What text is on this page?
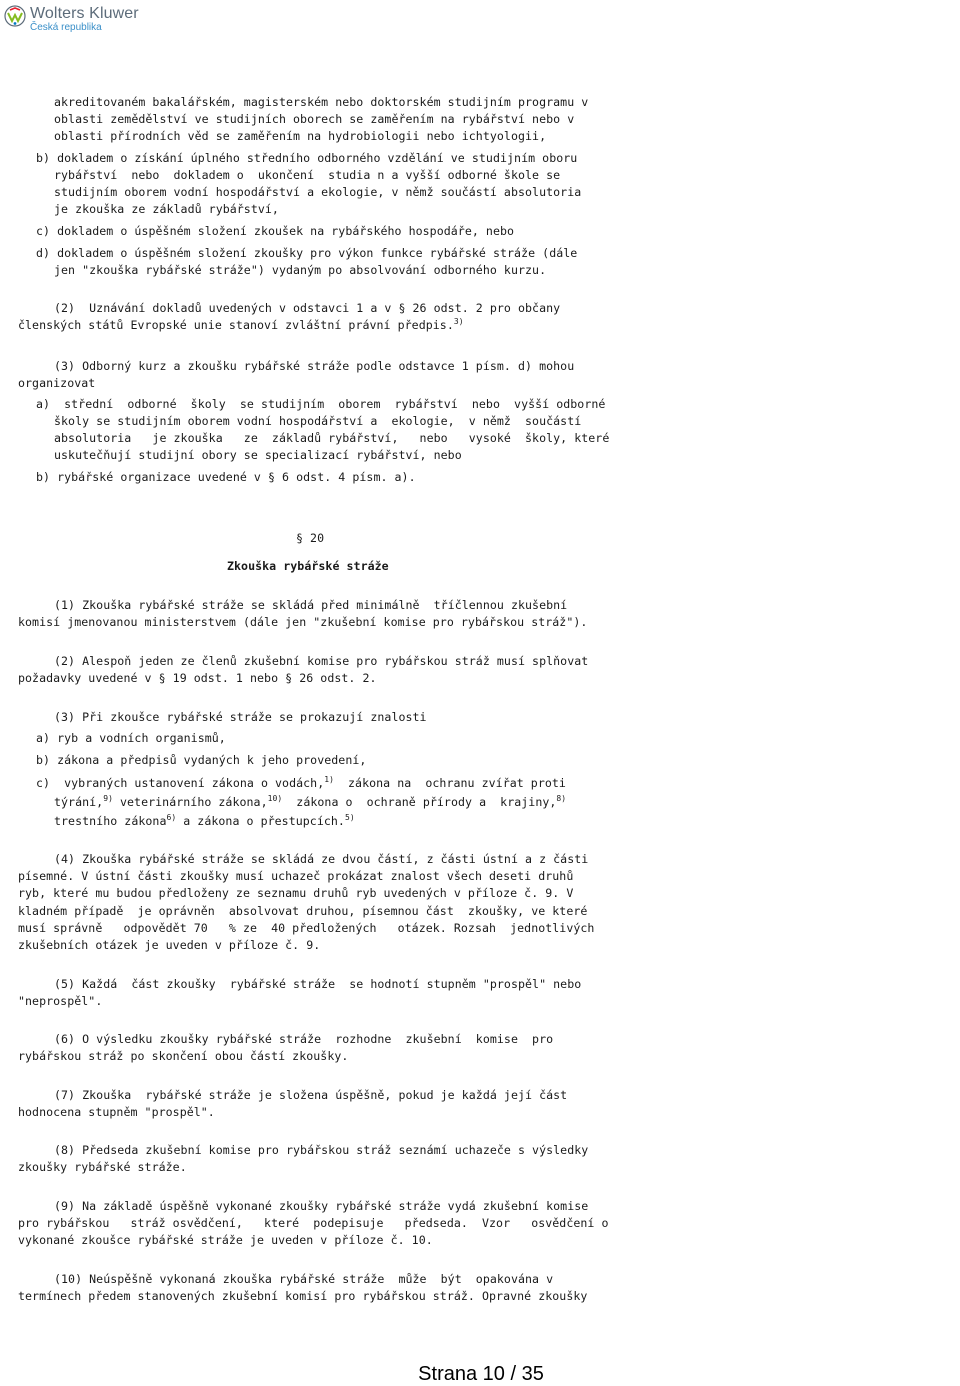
Wolters Kluwer
Česká republika
akreditovaném bakalářském, magisterském nebo doktorském studijním programu v
oblasti zemědělství ve studijních oborech se zaměřením na rybářství nebo v
oblasti přírodních věd se zaměřením na hydrobiologii nebo ichtyologii,
b) dokladem o získání úplného středního odborného vzdělání ve studijním oboru
rybářství  nebo  dokladem o  ukončení  studia n a vyšší odborné škole se
studijním oborem vodní hospodářství a ekologie, v němž součástí absolutoria
je zkouška ze základů rybářství,
c) dokladem o úspěšném složení zkoušek na rybářského hospodáře, nebo
d) dokladem o úspěšném složení zkoušky pro výkon funkce rybářské stráže (dále
jen "zkouška rybářské stráže") vydaným po absolvování odborného kurzu.
(2)  Uznávání dokladů uvedených v odstavci 1 a v § 26 odst. 2 pro občany
členských států Evropské unie stanoví zvláštní právní předpis.$^{3)}$
(3) Odborný kurz a zkoušku rybářské stráže podle odstavce 1 písm. d) mohou
organizovat
a)  střední  odborné  školy  se studijním  oborem  rybářství  nebo  vyšší odborné
školy se studijním oborem vodní hospodářství a  ekologie,  v němž  součástí
absolutoria   je zkouška   ze  základů rybářství,   nebo   vysoké  školy, které
uskutečňují studijní obory se specializací rybářství, nebo
b) rybářské organizace uvedené v § 6 odst. 4 písm. a).
§ 20
Zkouška rybářské stráže
(1) Zkouška rybářské stráže se skládá před minimálně  tříčlennou zkušební
komisí jmenovanou ministerstvem (dále jen "zkušební komise pro rybářskou stráž").
(2) Alespoň jeden ze členů zkušební komise pro rybářskou stráž musí splňovat
požadavky uvedené v § 19 odst. 1 nebo § 26 odst. 2.
(3) Při zkoušce rybářské stráže se prokazují znalosti
a) ryb a vodních organismů,
b) zákona a předpisů vydaných k jeho provedení,
c)  vybraných ustanovení zákona o vodách,$^{1)}$  zákona na  ochranu zvířat proti
týrání,$^{9)}$ veterinárního zákona,$^{10)}$  zákona o  ochraně přírody a  krajiny,$^{8)}$
trestního zákona$^{6)}$ a zákona o přestupcích.$^{5)}$
(4) Zkouška rybářské stráže se skládá ze dvou částí, z části ústní a z části
písemné. V ústní části zkoušky musí uchazeč prokázat znalost všech deseti druhů
ryb, které mu budou předloženy ze seznamu druhů ryb uvedených v příloze č. 9. V
kladném případě  je oprávněn  absolvovat druhou, písemnou část  zkoušky, ve které
musí správně   odpovědět 70   % ze  40 předložených   otázek. Rozsah  jednotlivých
zkušebních otázek je uveden v příloze č. 9.
(5) Každá  část zkoušky  rybářské stráže  se hodnotí stupněm "prospěl" nebo
"neprospěl".
(6) O výsledku zkoušky rybářské stráže  rozhodne  zkušební  komise  pro
rybářskou stráž po skončení obou částí zkoušky.
(7) Zkouška  rybářské stráže je složena úspěšně, pokud je každá její část
hodnocena stupněm "prospěl".
(8) Předseda zkušební komise pro rybářskou stráž seznámí uchazeče s výsledky
zkoušky rybářské stráže.
(9) Na základě úspěšně vykonané zkoušky rybářské stráže vydá zkušební komise
pro rybářskou   stráž osvědčení,   které  podepisuje   předseda.  Vzor   osvědčení o
vykonané zkoušce rybářské stráže je uveden v příloze č. 10.
(10) Neúspěšně vykonaná zkouška rybářské stráže  může  být  opakována v
termínech předem stanovených zkušební komisí pro rybářskou stráž. Opravné zkoušky
Strana 10 / 35
